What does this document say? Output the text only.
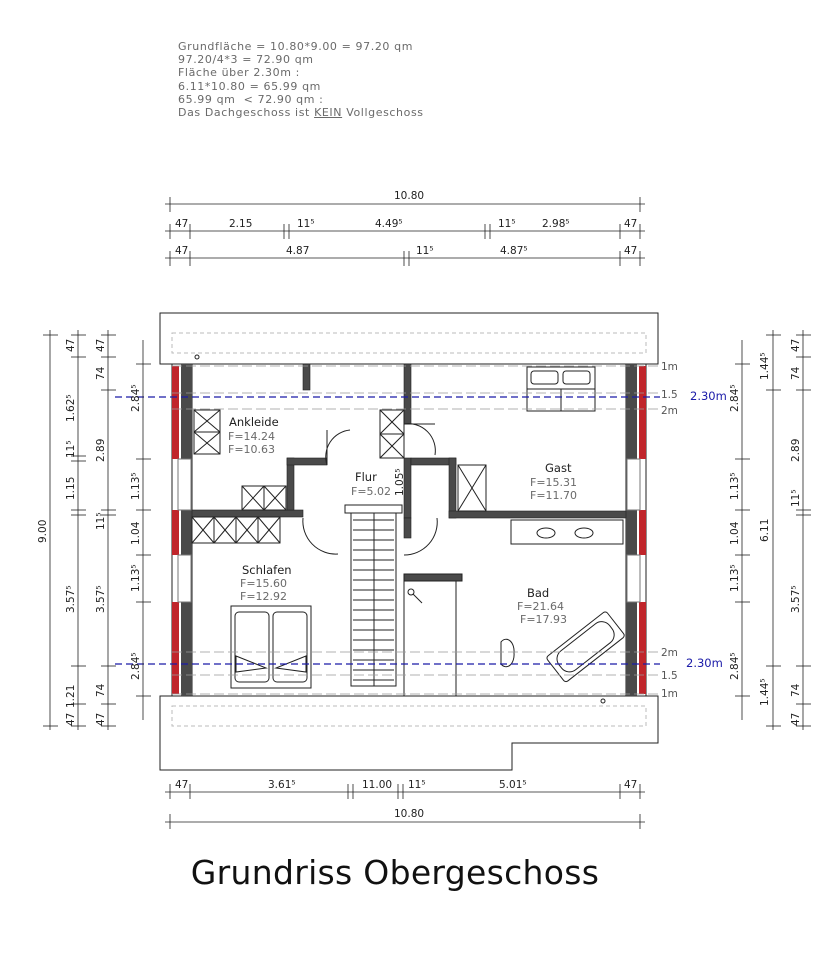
Grundfläche = 10.80*9.00 = 97.20 qm
97.20/4*3 = 72.90 qm
Fläche über 2.30m :
6.11*10.80 = 65.99 qm
65.99 qm  < 72.90 qm :
Das Dachgeschoss ist KEIN Vollgeschoss
2.30m
2.30m
1m
1.5
2m
2m
1.5
1m
Ankleide
F=14.24
F=10.63
Flur
F=5.02 1.05⁵
Gast
F=15.31
F=11.70
Schlafen
F=15.60
F=12.92	Bad
F=21.64
F=17.93
10.80
47	2.15	11⁵	4.49⁵	11⁵	2.98⁵	47
47	4.87	11⁵	4.87⁵	47
47	3.61⁵	11.00 11⁵	5.01⁵	47
10.80
9.00
47
1.62⁵
11⁵
3.57⁵
1.21
47
47
74
2.89
1.15
11⁵
3.57⁵
74
47
2.84⁵
1.13⁵
1.04
1.13⁵
2.84⁵
2.84⁵
1.13⁵
1.04
1.13⁵
2.84⁵
6.11
1.44⁵
1.44⁵
47
74
2.89
11⁵
3.57⁵
74
47
Grundriss Obergeschoss
